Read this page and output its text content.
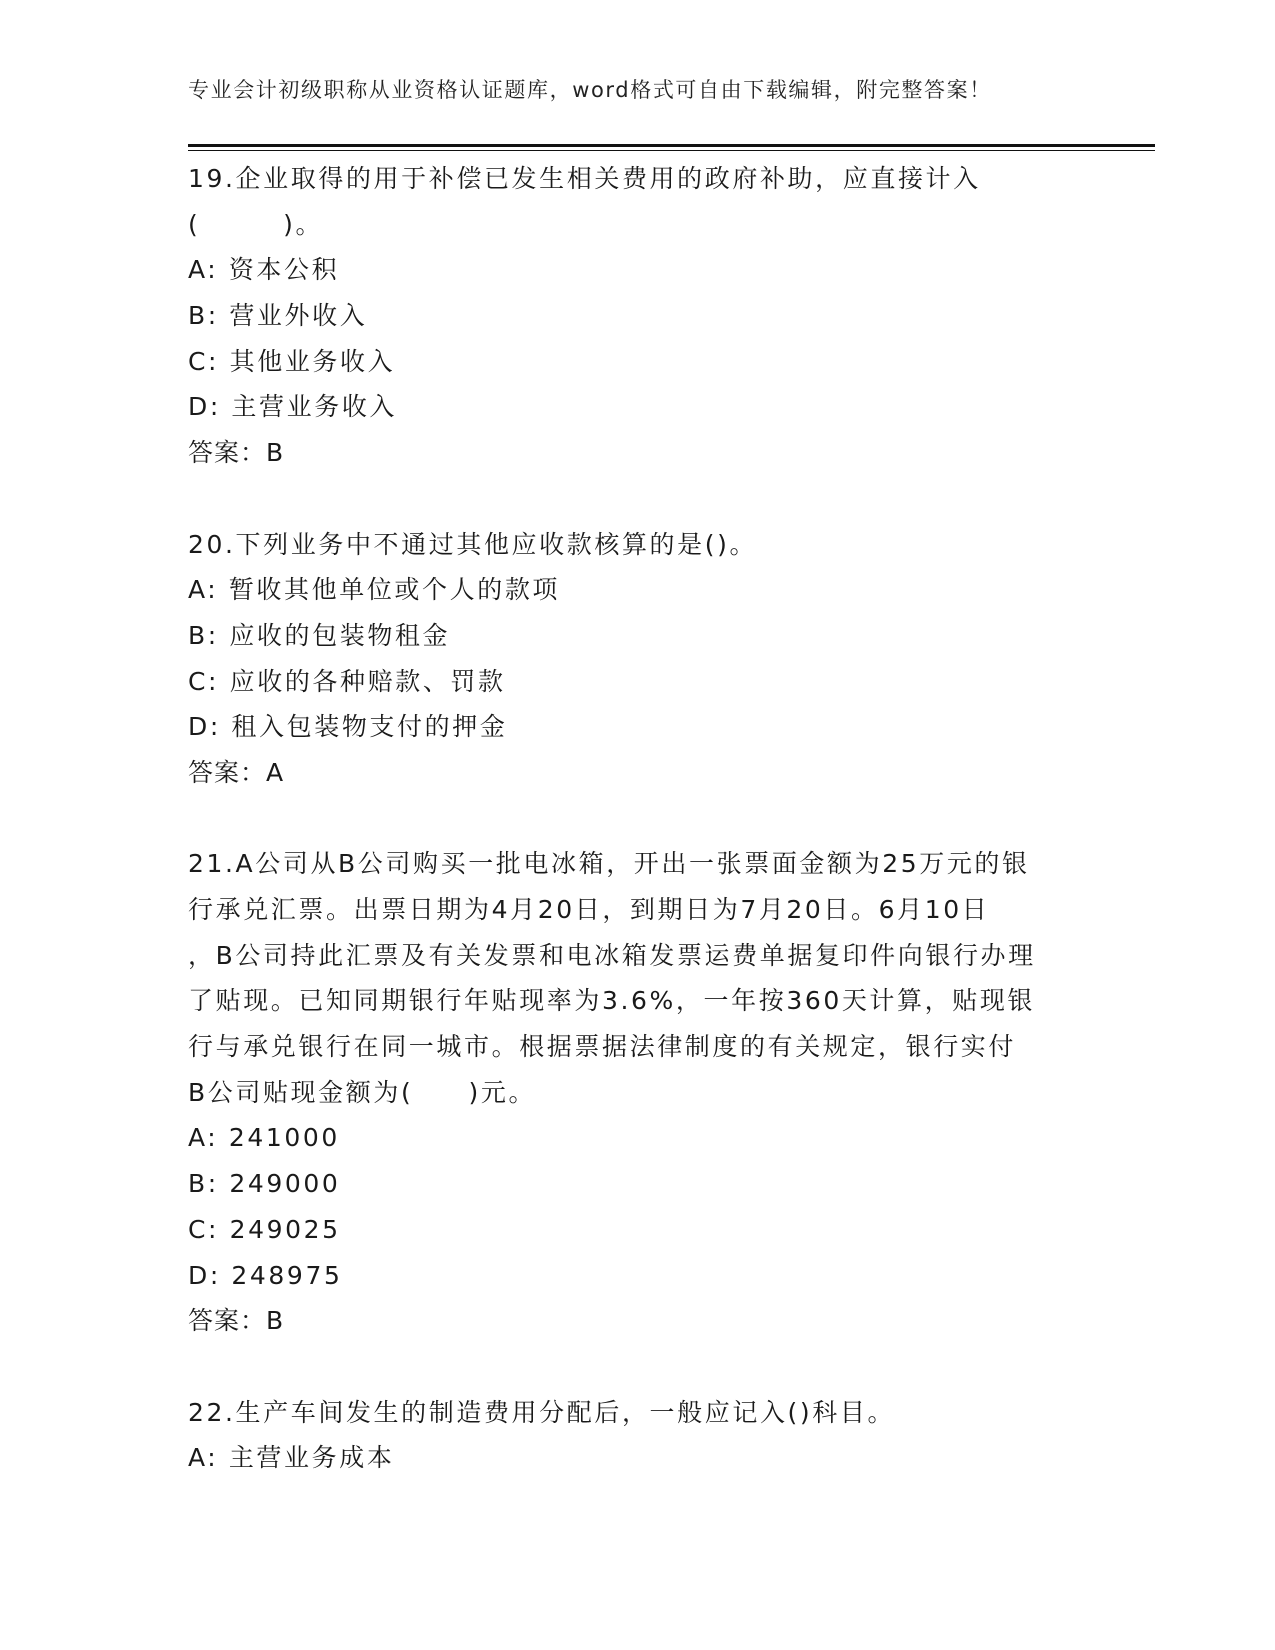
专业会计初级职称从业资格认证题库，word格式可自由下载编辑，附完整答案！
19.企业取得的用于补偿已发生相关费用的政府补助，应直接计入
(　　　)。
A: 资本公积
B: 营业外收入
C: 其他业务收入
D: 主营业务收入
答案：B
20.下列业务中不通过其他应收款核算的是()。
A: 暂收其他单位或个人的款项
B: 应收的包装物租金
C: 应收的各种赔款、罚款
D: 租入包装物支付的押金
答案：A
21.A公司从B公司购买一批电冰箱，开出一张票面金额为25万元的银
行承兑汇票。出票日期为4月20日，到期日为7月20日。6月10日
，B公司持此汇票及有关发票和电冰箱发票运费单据复印件向银行办理
了贴现。已知同期银行年贴现率为3.6%，一年按360天计算，贴现银
行与承兑银行在同一城市。根据票据法律制度的有关规定，银行实付
B公司贴现金额为(　　)元。
A: 241000
B: 249000
C: 249025
D: 248975
答案：B
22.生产车间发生的制造费用分配后，一般应记入()科目。
A: 主营业务成本
